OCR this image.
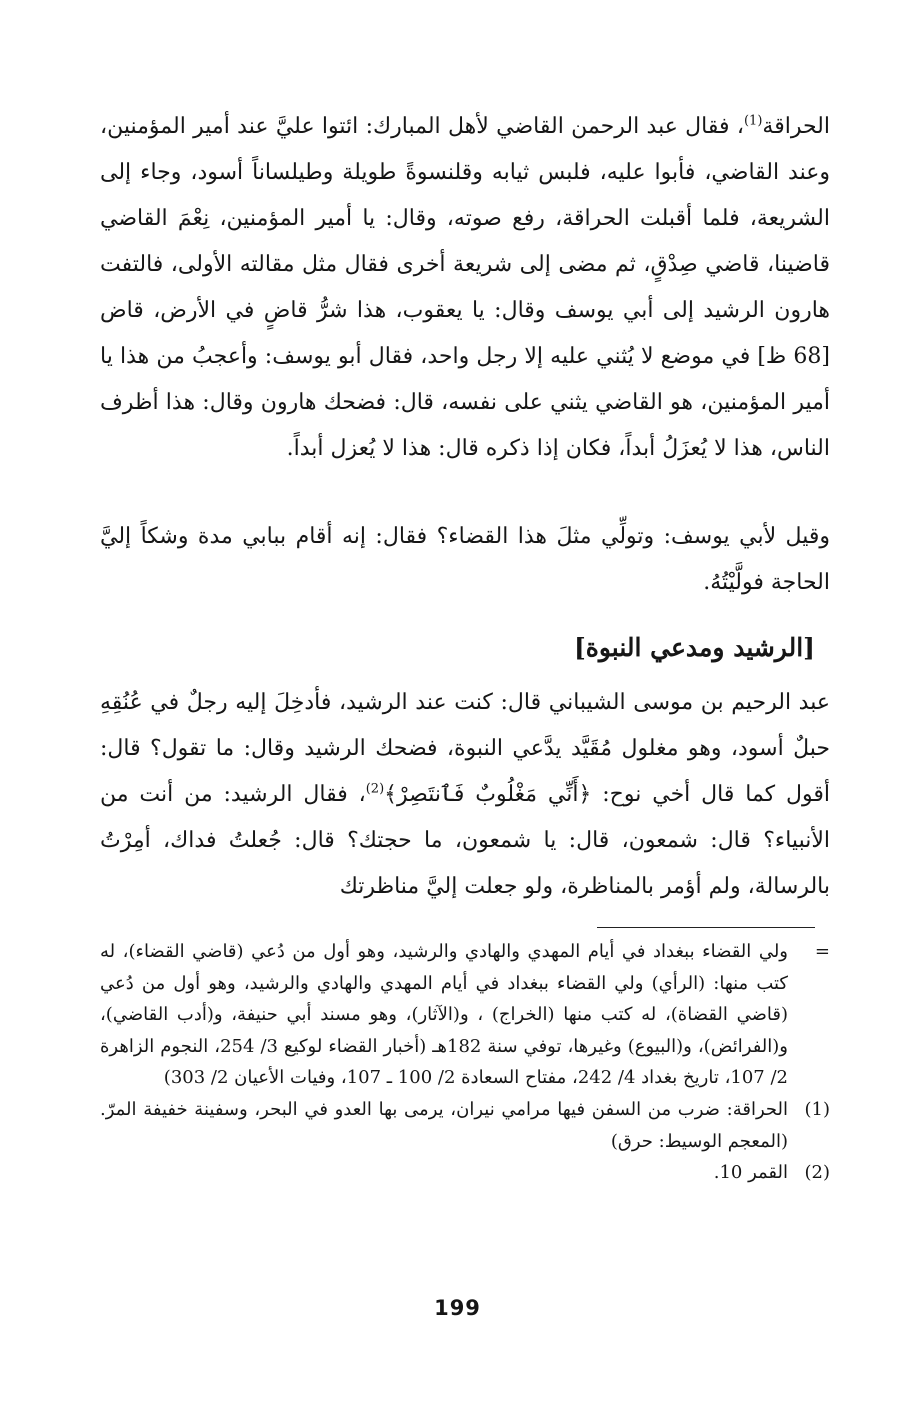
الحراقة$^{(1)}$، فقال عبد الرحمن القاضي لأهل المبارك: ائتوا عليَّ عند أمير المؤمنين، وعند القاضي، فأبوا عليه، فلبس ثيابه وقلنسوةً طويلة وطيلساناً أسود، وجاء إلى الشريعة، فلما أقبلت الحراقة، رفع صوته، وقال: يا أمير المؤمنين، نِعْمَ القاضي قاضينا، قاضي صِدْقٍ، ثم مضى إلى شريعة أخرى فقال مثل مقالته الأولى، فالتفت هارون الرشيد إلى أبي يوسف وقال: يا يعقوب، هذا شرُّ قاضٍ في الأرض، قاض [68 ظ] في موضع لا يُثني عليه إلا رجل واحد، فقال أبو يوسف: وأعجبُ من هذا يا أمير المؤمنين، هو القاضي يثني على نفسه، قال: فضحك هارون وقال: هذا أظرف الناس، هذا لا يُعزَلُ أبداً، فكان إذا ذكره قال: هذا لا يُعزل أبداً.

وقيل لأبي يوسف: وتولِّي مثلَ هذا القضاء؟ فقال: إنه أقام ببابي مدة وشكاً إليَّ الحاجة فولَّيْتُهُ.

[الرشيد ومدعي النبوة]

عبد الرحيم بن موسى الشيباني قال: كنت عند الرشيد، فأدخِلَ إليه رجلٌ في عُنُقِهِ حبلٌ أسود، وهو مغلول مُقَيَّد يدَّعي النبوة، فضحك الرشيد وقال: ما تقول؟ قال: أقول كما قال أخي نوح: ﴿أَنِّي مَغْلُوبٌ فَٱنتَصِرْ﴾$^{(2)}$، فقال الرشيد: من أنت من الأنبياء؟ قال: شمعون، قال: يا شمعون، ما حجتك؟ قال: جُعلتُ فداك، أمِرْتُ بالرسالة، ولم أؤمر بالمناظرة، ولو جعلت إليَّ مناظرتك

=
ولي القضاء ببغداد في أيام المهدي والهادي والرشيد، وهو أول من دُعي (قاضي القضاء)، له كتب منها: (الرأي) ولي القضاء ببغداد في أيام المهدي والهادي والرشيد، وهو أول من دُعي (قاضي القضاة)، له كتب منها (الخراج) ، و(الآثار)، وهو مسند أبي حنيفة، و(أدب القاضي)، و(الفرائض)، و(البيوع) وغيرها، توفي سنة 182هـ (أخبار القضاء لوكيع 3/ 254، النجوم الزاهرة 2/ 107، تاريخ بغداد 4/ 242، مفتاح السعادة 2/ 100 ـ 107، وفيات الأعيان 2/ 303)
(1)
الحراقة: ضرب من السفن فيها مرامي نيران، يرمى بها العدو في البحر، وسفينة خفيفة المرّ. (المعجم الوسيط: حرق)
(2)
القمر 10.
199
